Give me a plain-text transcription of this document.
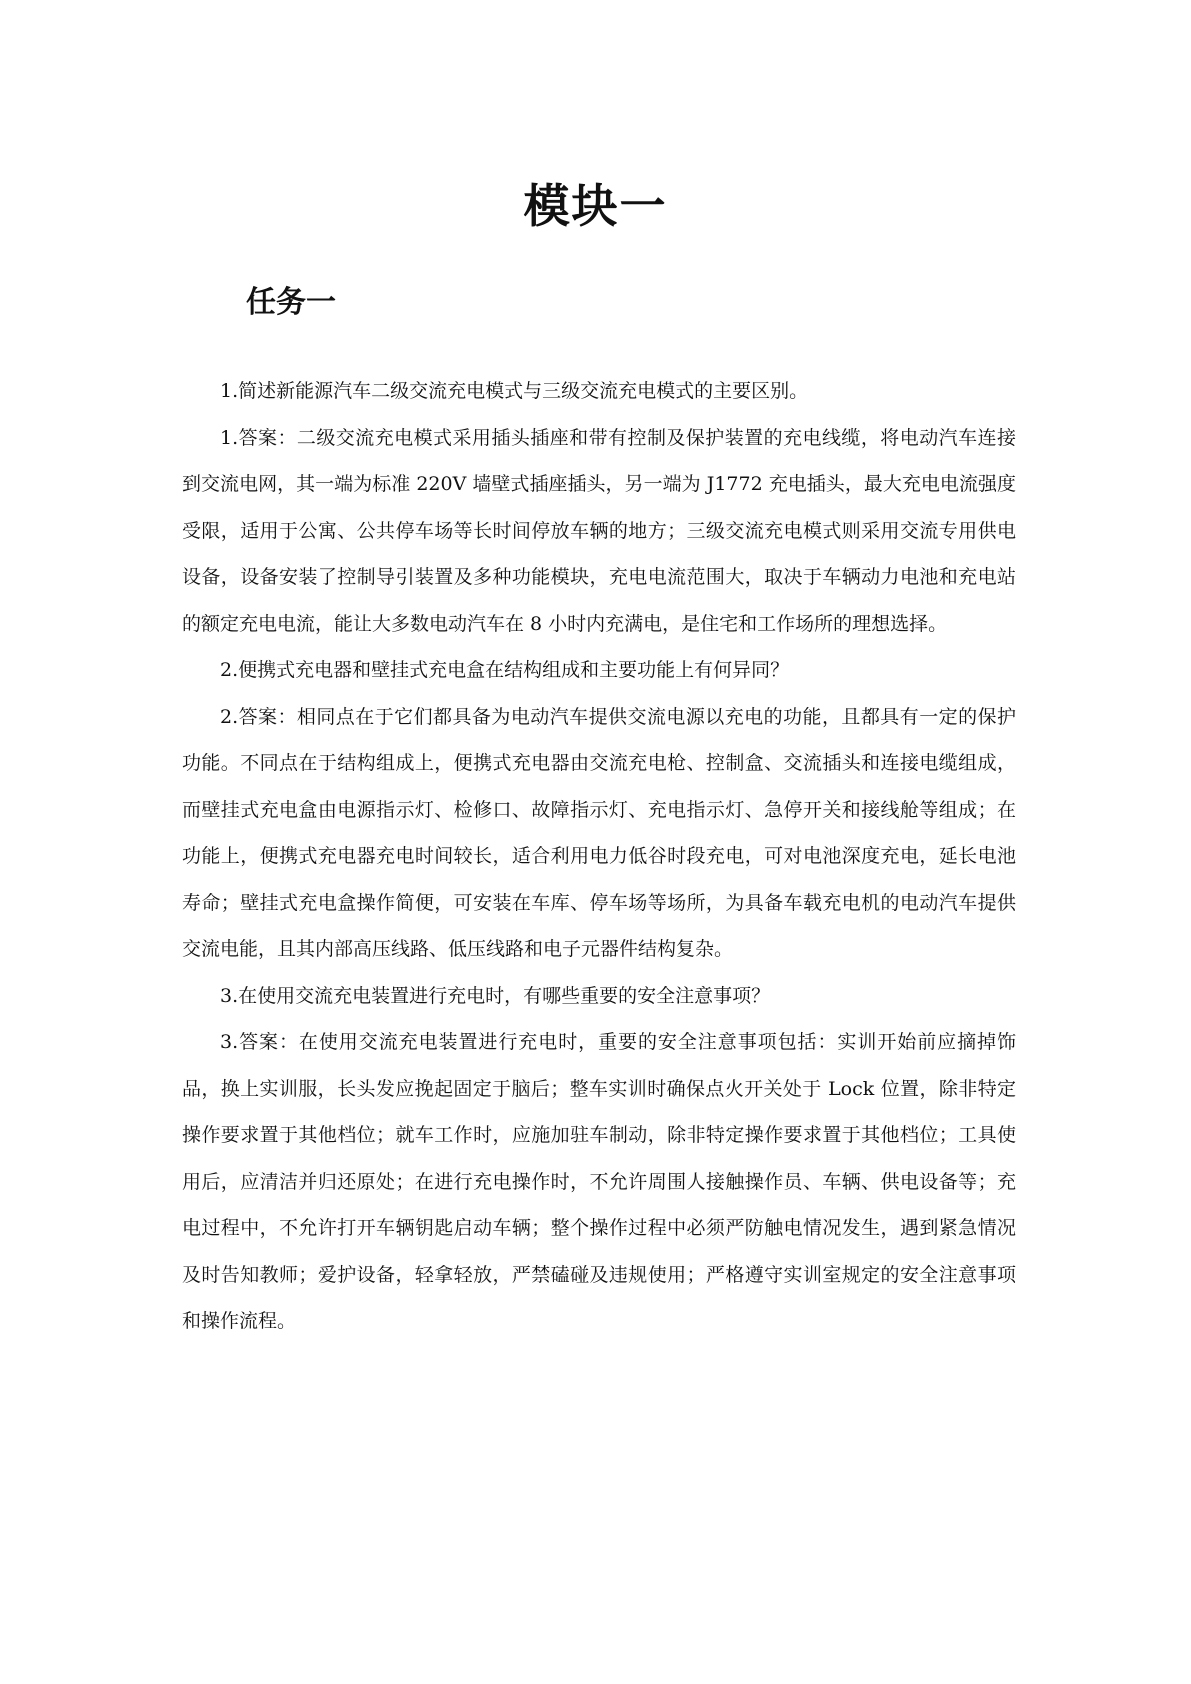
模块一
任务一

1.简述新能源汽车二级交流充电模式与三级交流充电模式的主要区别。

1.答案：二级交流充电模式采用插头插座和带有控制及保护装置的充电线缆，将电动汽车连接到交流电网，其一端为标准 220V 墙壁式插座插头，另一端为 J1772 充电插头，最大充电电流强度受限，适用于公寓、公共停车场等长时间停放车辆的地方；三级交流充电模式则采用交流专用供电设备，设备安装了控制导引装置及多种功能模块，充电电流范围大，取决于车辆动力电池和充电站的额定充电电流，能让大多数电动汽车在 8 小时内充满电，是住宅和工作场所的理想选择。

2.便携式充电器和壁挂式充电盒在结构组成和主要功能上有何异同？

2.答案：相同点在于它们都具备为电动汽车提供交流电源以充电的功能，且都具有一定的保护功能。不同点在于结构组成上，便携式充电器由交流充电枪、控制盒、交流插头和连接电缆组成，而壁挂式充电盒由电源指示灯、检修口、故障指示灯、充电指示灯、急停开关和接线舱等组成；在功能上，便携式充电器充电时间较长，适合利用电力低谷时段充电，可对电池深度充电，延长电池寿命；壁挂式充电盒操作简便，可安装在车库、停车场等场所，为具备车载充电机的电动汽车提供交流电能，且其内部高压线路、低压线路和电子元器件结构复杂。

3.在使用交流充电装置进行充电时，有哪些重要的安全注意事项？

3.答案：在使用交流充电装置进行充电时，重要的安全注意事项包括：实训开始前应摘掉饰品，换上实训服，长头发应挽起固定于脑后；整车实训时确保点火开关处于 Lock 位置，除非特定操作要求置于其他档位；就车工作时，应施加驻车制动，除非特定操作要求置于其他档位；工具使用后，应清洁并归还原处；在进行充电操作时，不允许周围人接触操作员、车辆、供电设备等；充电过程中，不允许打开车辆钥匙启动车辆；整个操作过程中必须严防触电情况发生，遇到紧急情况及时告知教师；爱护设备，轻拿轻放，严禁磕碰及违规使用；严格遵守实训室规定的安全注意事项和操作流程。
